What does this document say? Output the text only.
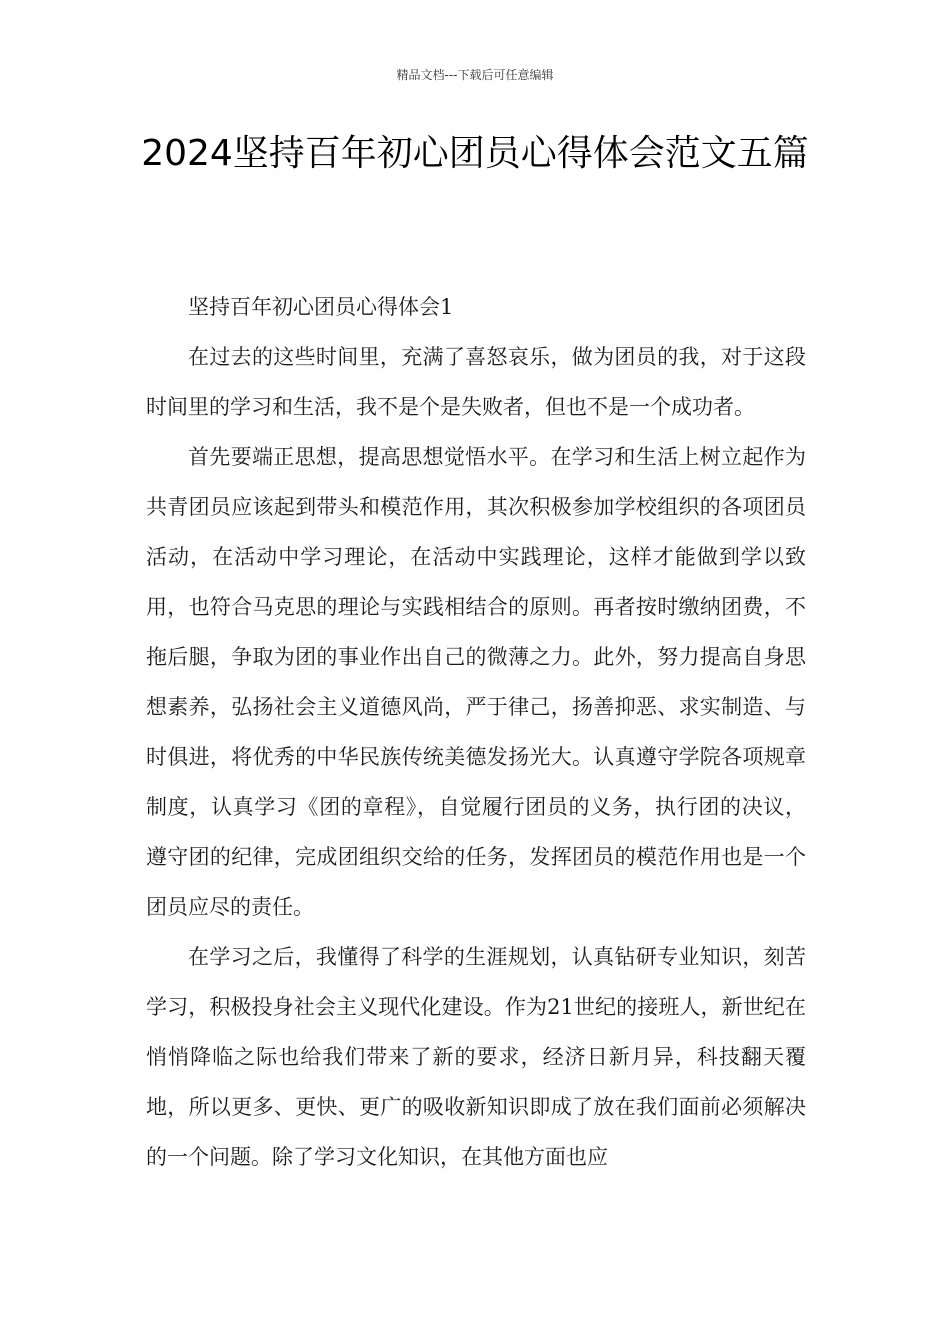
精品文档---下载后可任意编辑
2024坚持百年初心团员心得体会范文五篇

坚持百年初心团员心得体会1

在过去的这些时间里，充满了喜怒哀乐，做为团员的我，对于这段时间里的学习和生活，我不是个是失败者，但也不是一个成功者。

首先要端正思想，提高思想觉悟水平。在学习和生活上树立起作为共青团员应该起到带头和模范作用，其次积极参加学校组织的各项团员活动，在活动中学习理论，在活动中实践理论，这样才能做到学以致用，也符合马克思的理论与实践相结合的原则。再者按时缴纳团费，不拖后腿，争取为团的事业作出自己的微薄之力。此外，努力提高自身思想素养，弘扬社会主义道德风尚，严于律己，扬善抑恶、求实制造、与时俱进，将优秀的中华民族传统美德发扬光大。认真遵守学院各项规章制度，认真学习《团的章程》，自觉履行团员的义务，执行团的决议，遵守团的纪律，完成团组织交给的任务，发挥团员的模范作用也是一个团员应尽的责任。

在学习之后，我懂得了科学的生涯规划，认真钻研专业知识，刻苦学习，积极投身社会主义现代化建设。作为21世纪的接班人，新世纪在悄悄降临之际也给我们带来了新的要求，经济日新月异，科技翻天覆地，所以更多、更快、更广的吸收新知识即成了放在我们面前必须解决的一个问题。除了学习文化知识，在其他方面也应
